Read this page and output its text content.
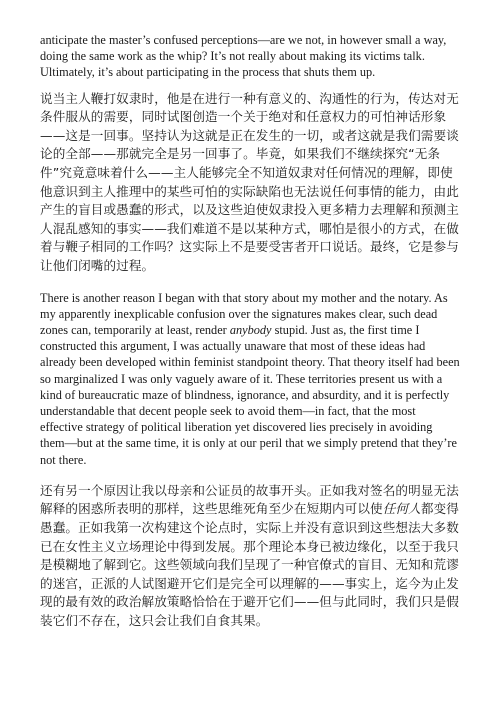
anticipate the master’s confused perceptions—are we not, in however small a way, doing the same work as the whip? It’s not really about making its victims talk. Ultimately, it’s about participating in the process that shuts them up.

说当主人鞭打奴隶时，他是在进行一种有意义的、沟通性的行为，传达对无条件服从的需要，同时试图创造一个关于绝对和任意权力的可怕神话形象——这是一回事。坚持认为这就是正在发生的一切，或者这就是我们需要谈论的全部——那就完全是另一回事了。毕竟，如果我们不继续探究“无条件”究竟意味着什么——主人能够完全不知道奴隶对任何情况的理解，即使他意识到主人推理中的某些可怕的实际缺陷也无法说任何事情的能力，由此产生的盲目或愚蠢的形式，以及这些迫使奴隶投入更多精力去理解和预测主人混乱感知的事实——我们难道不是以某种方式，哪怕是很小的方式，在做着与鞭子相同的工作吗？这实际上不是要受害者开口说话。最终，它是参与让他们闭嘴的过程。

There is another reason I began with that story about my mother and the notary. As my apparently inexplicable confusion over the signatures makes clear, such dead zones can, temporarily at least, render anybody stupid. Just as, the first time I constructed this argument, I was actually unaware that most of these ideas had already been developed within feminist standpoint theory. That theory itself had been so marginalized I was only vaguely aware of it. These territories present us with a kind of bureaucratic maze of blindness, ignorance, and absurdity, and it is perfectly understandable that decent people seek to avoid them—in fact, that the most effective strategy of political liberation yet discovered lies precisely in avoiding them—but at the same time, it is only at our peril that we simply pretend that they’re not there.

还有另一个原因让我以母亲和公证员的故事开头。正如我对签名的明显无法解释的困惑所表明的那样，这些思维死角至少在短期内可以使任何人都变得愚蠢。正如我第一次构建这个论点时，实际上并没有意识到这些想法大多数已在女性主义立场理论中得到发展。那个理论本身已被边缘化，以至于我只是模糊地了解到它。这些领域向我们呈现了一种官僚式的盲目、无知和荒谬的迷宫，正派的人试图避开它们是完全可以理解的——事实上，迄今为止发现的最有效的政治解放策略恰恰在于避开它们——但与此同时，我们只是假装它们不存在，这只会让我们自食其果。
